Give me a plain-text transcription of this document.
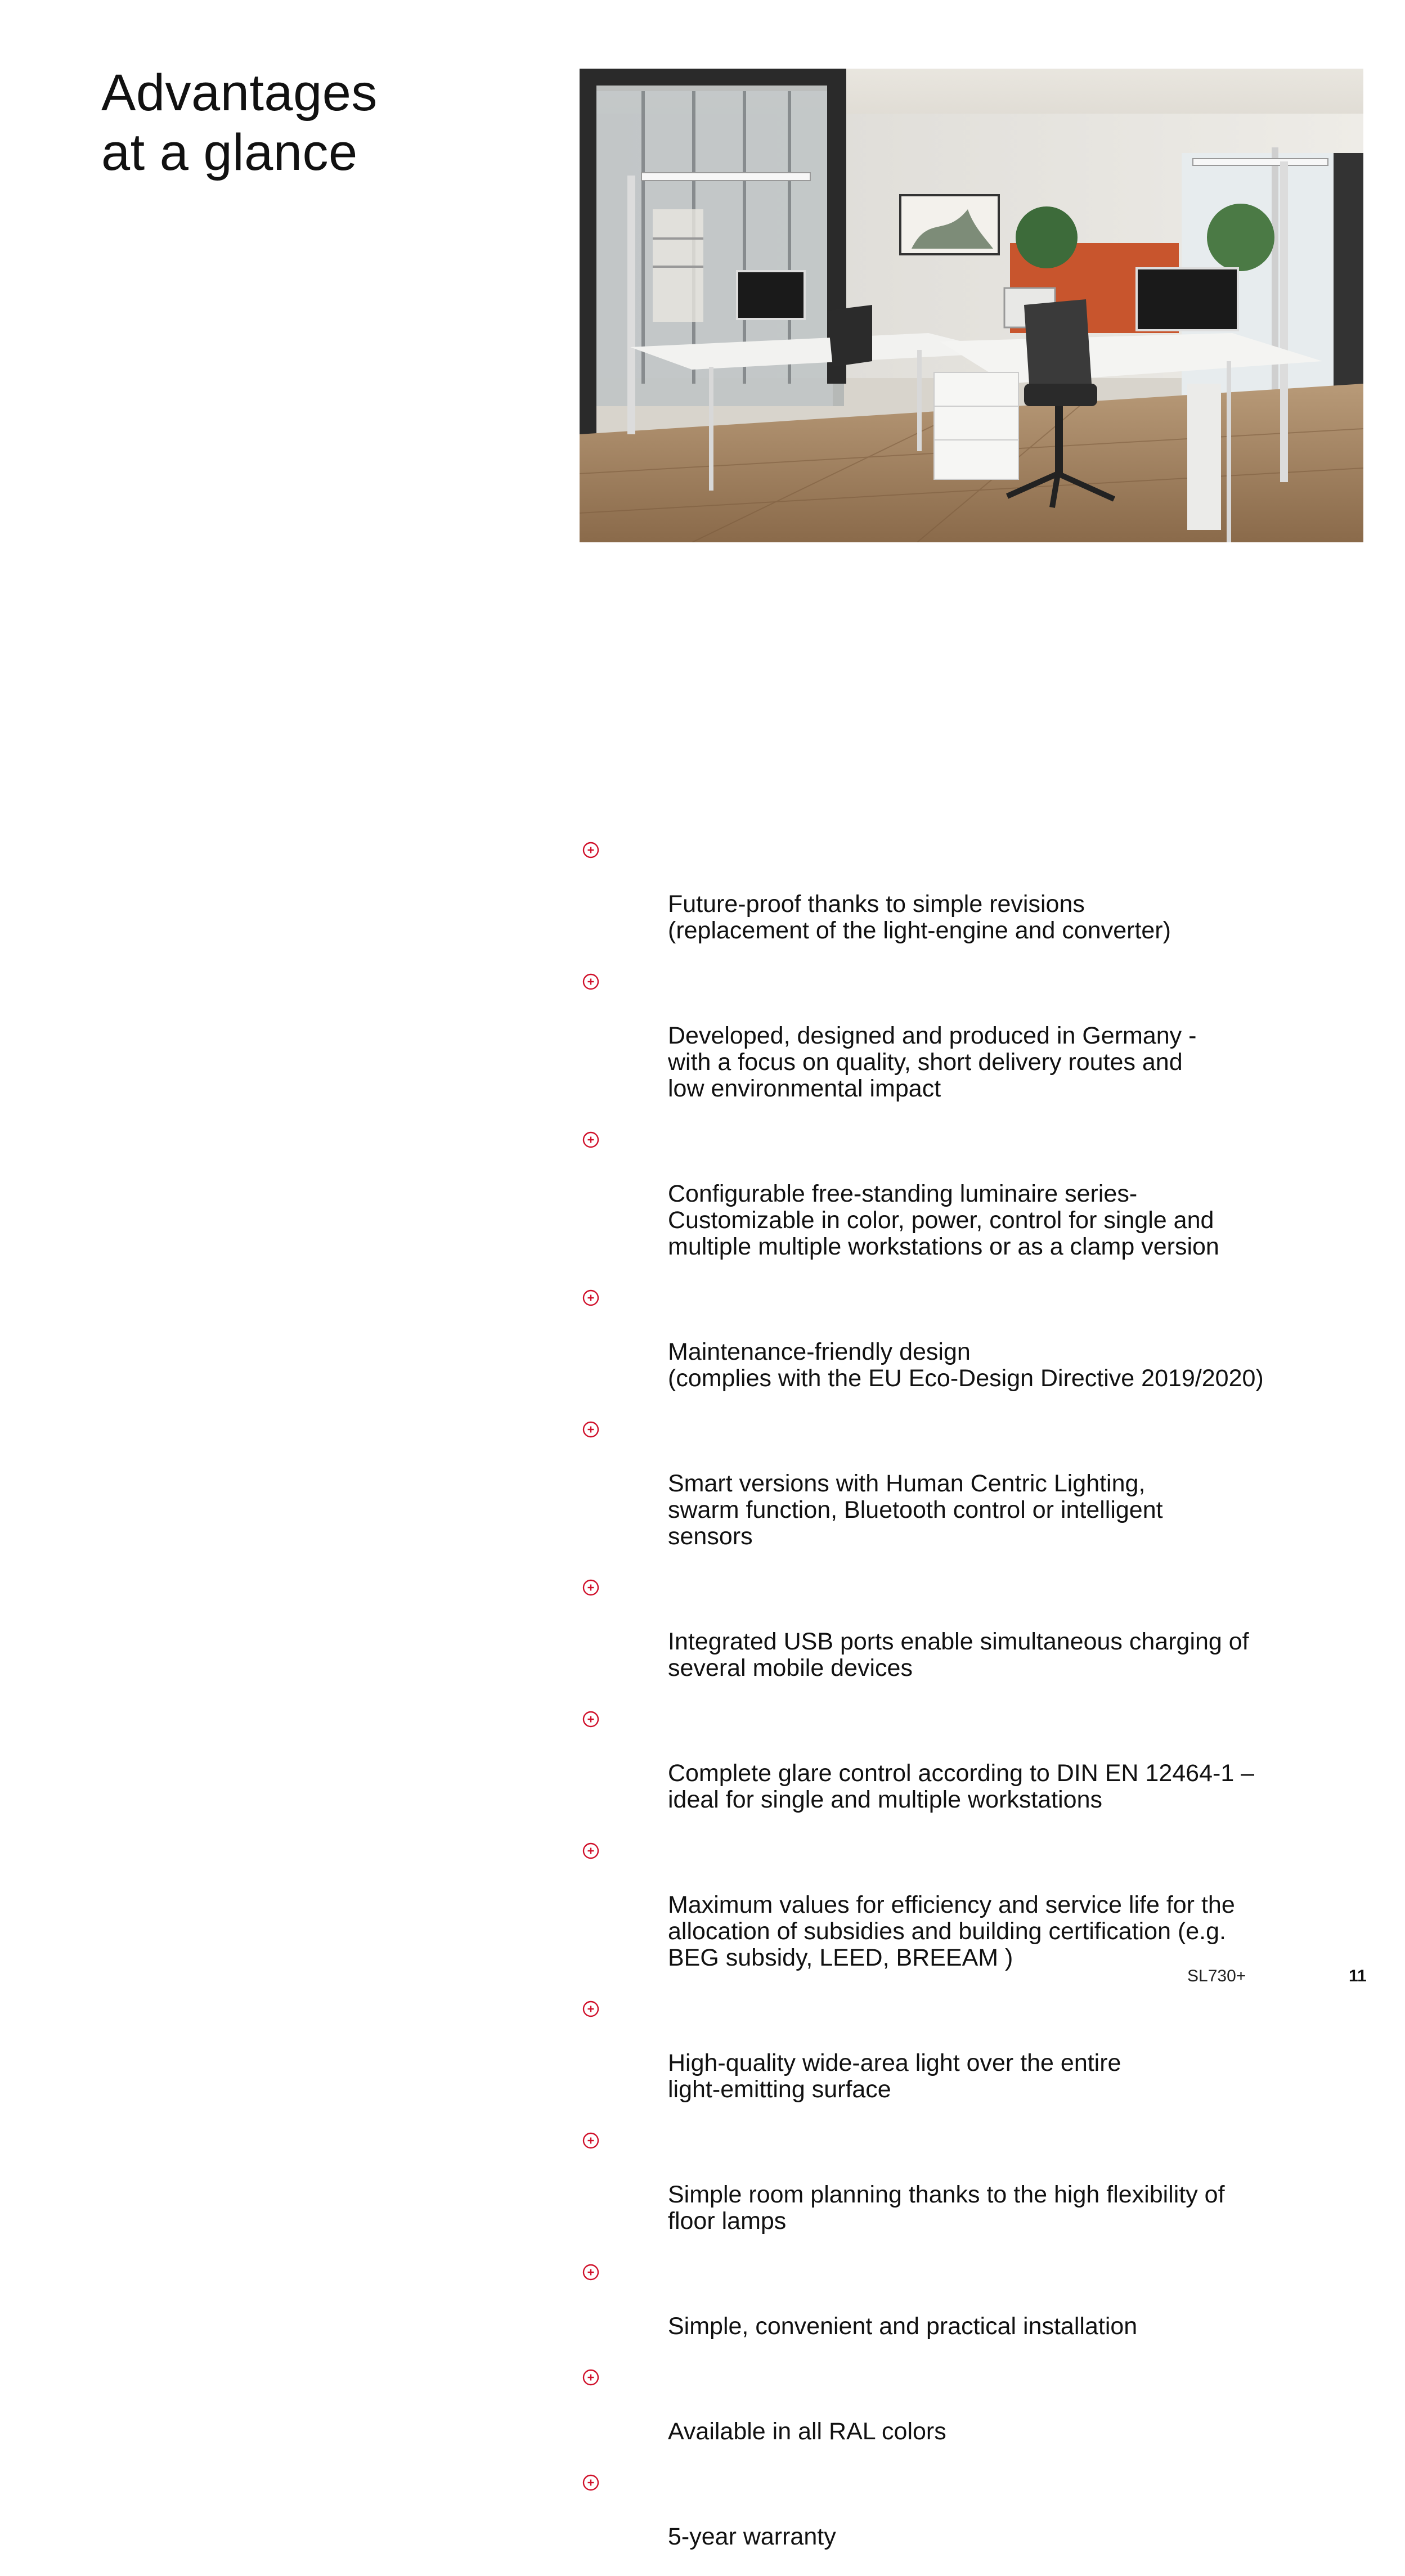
Advantages
at a glance

Future-proof thanks to simple revisions
(replacement of the light-engine and converter)

Developed, designed and produced in Germany -
with a focus on quality, short delivery routes and
low environmental impact

Configurable free-standing luminaire series-
Customizable in color, power, control for single and
multiple multiple workstations or as a clamp version

Maintenance-friendly design
(complies with the EU Eco-Design Directive 2019/2020)

Smart versions with Human Centric Lighting,
swarm function, Bluetooth control or intelligent
sensors

Integrated USB ports enable simultaneous charging of
several mobile devices

Complete glare control according to DIN EN 12464-1 –
ideal for single and multiple workstations

Maximum values for efficiency and service life for the
allocation of subsidies and building certification (e.g.
BEG subsidy, LEED, BREEAM )

High-quality wide-area light over the entire
light-emitting surface

Simple room planning thanks to the high flexibility of
floor lamps

Simple, convenient and practical installation

Available in all RAL colors

5-year warranty

SL730+	11
